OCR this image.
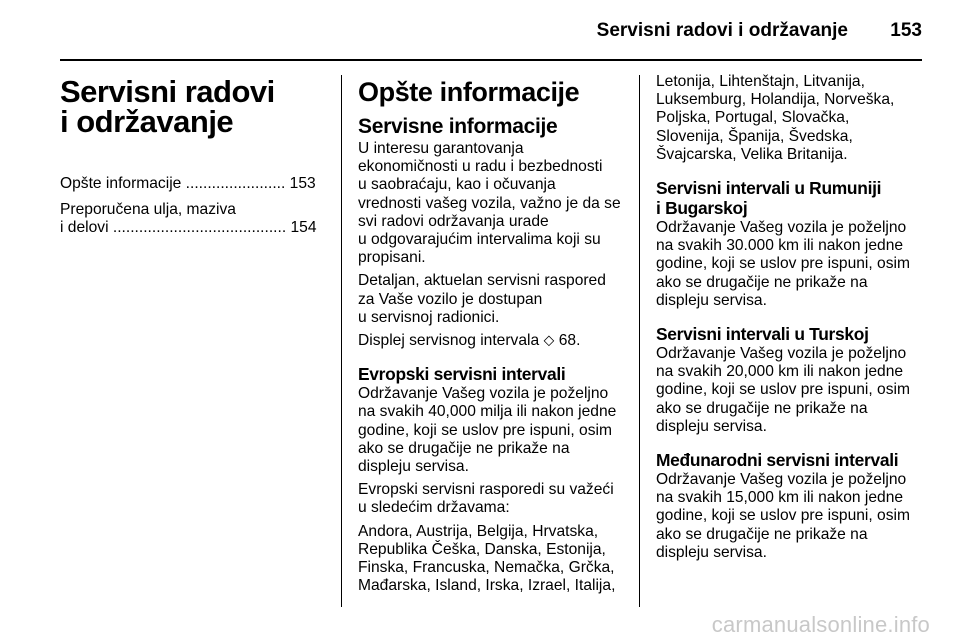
Servisni radovi i održavanje	153
Servisni radovi
i održavanje
Opšte informacije ....................... 153
Preporučena ulja, maziva
i delovi ........................................ 154
Opšte informacije
Servisne informacije
U interesu garantovanja
ekonomičnosti u radu i bezbednosti
u saobraćaju, kao i očuvanja
vrednosti vašeg vozila, važno je da se
svi radovi održavanja urade
u odgovarajućim intervalima koji su
propisani.
Detaljan, aktuelan servisni raspored
za Vaše vozilo je dostupan
u servisnoj radionici.
Displej servisnog intervala ⬦ 68.
Evropski servisni intervali
Održavanje Vašeg vozila je poželjno
na svakih 40,000 milja ili nakon jedne
godine, koji se uslov pre ispuni, osim
ako se drugačije ne prikaže na
displeju servisa.
Evropski servisni rasporedi su važeći
u sledećim državama:
Andora, Austrija, Belgija, Hrvatska,
Republika Češka, Danska, Estonija,
Finska, Francuska, Nemačka, Grčka,
Mađarska, Island, Irska, Izrael, Italija,
Letonija, Lihtenštajn, Litvanija,
Luksemburg, Holandija, Norveška,
Poljska, Portugal, Slovačka,
Slovenija, Španija, Švedska,
Švajcarska, Velika Britanija.
Servisni intervali u Rumuniji
i Bugarskoj
Održavanje Vašeg vozila je poželjno
na svakih 30.000 km ili nakon jedne
godine, koji se uslov pre ispuni, osim
ako se drugačije ne prikaže na
displeju servisa.
Servisni intervali u Turskoj
Održavanje Vašeg vozila je poželjno
na svakih 20,000 km ili nakon jedne
godine, koji se uslov pre ispuni, osim
ako se drugačije ne prikaže na
displeju servisa.
Međunarodni servisni intervali
Održavanje Vašeg vozila je poželjno
na svakih 15,000 km ili nakon jedne
godine, koji se uslov pre ispuni, osim
ako se drugačije ne prikaže na
displeju servisa.
carmanualsonline.info
